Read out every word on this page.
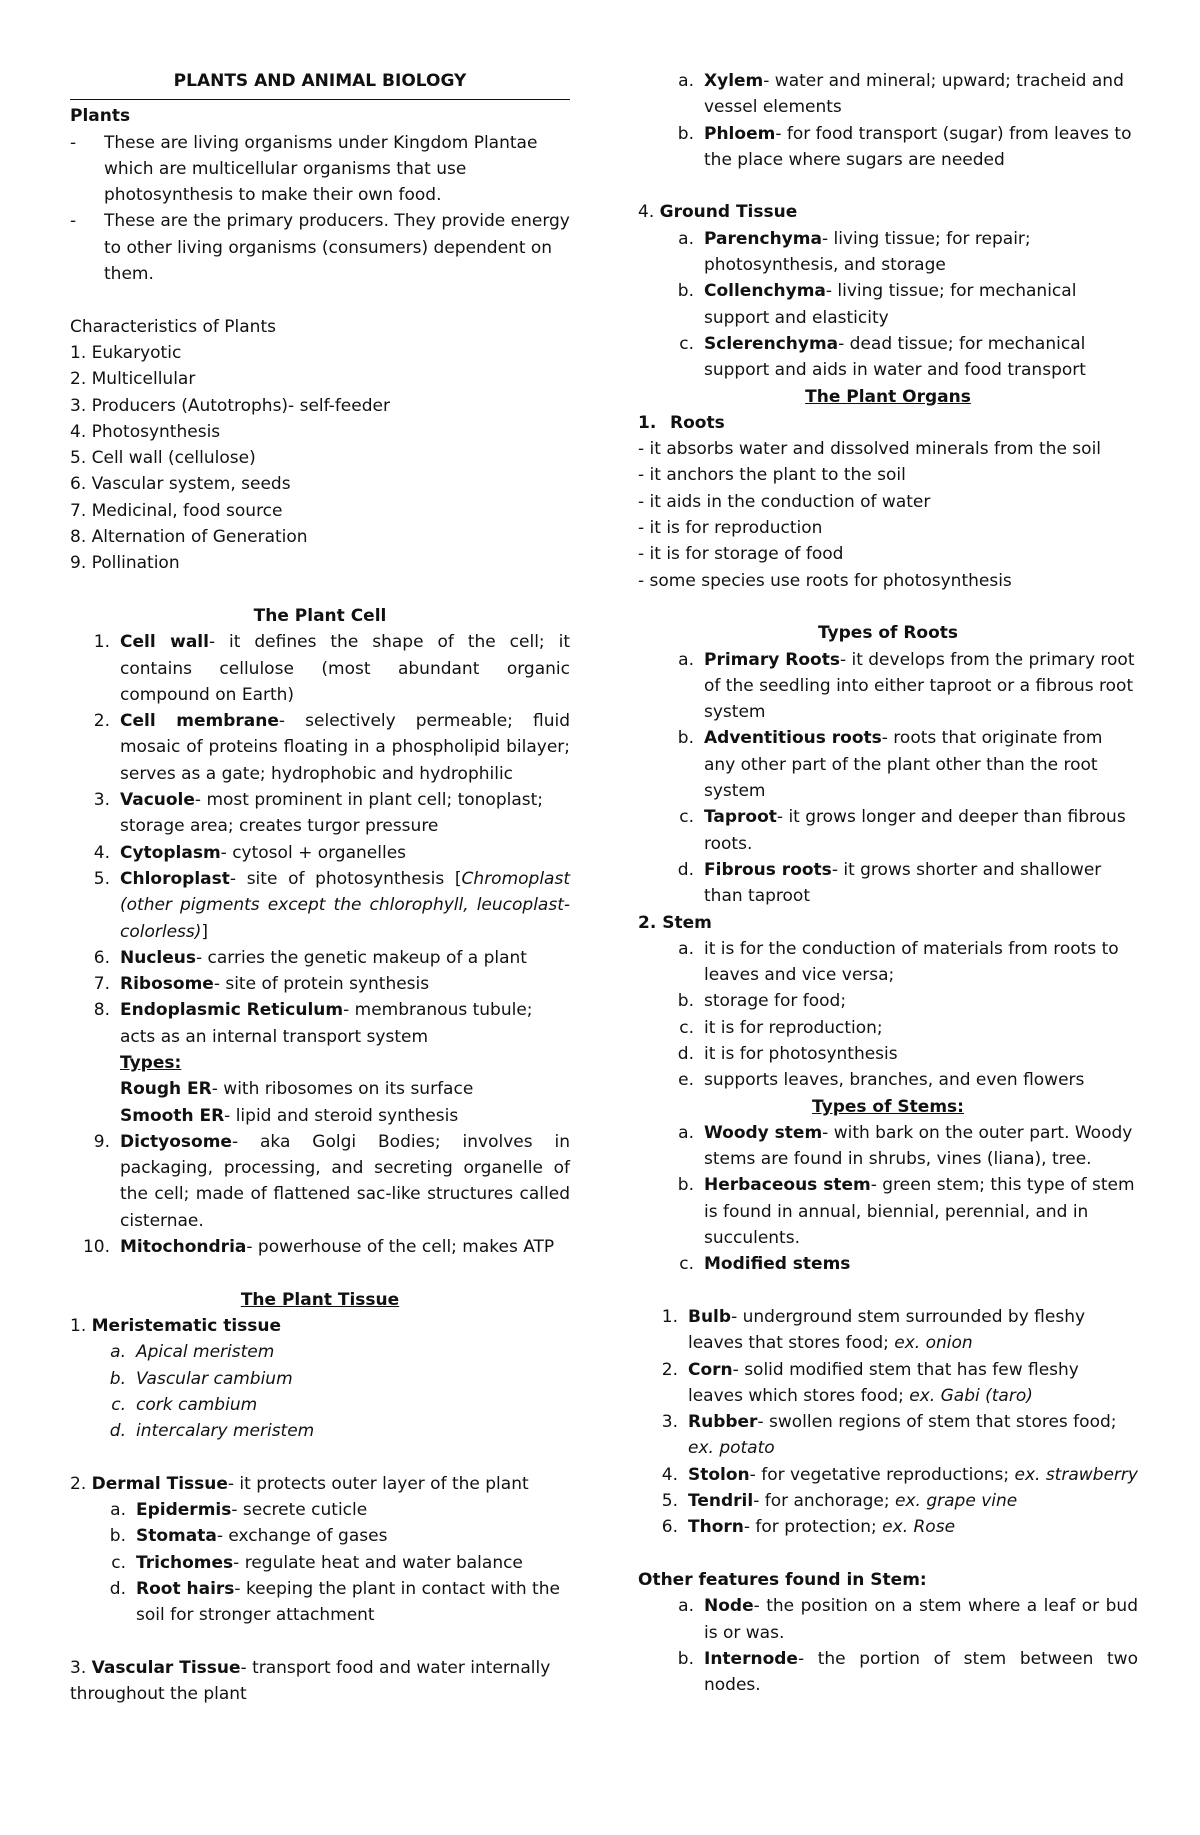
PLANTS AND ANIMAL BIOLOGY
Plants
-	These are living organisms under Kingdom Plantae which are multicellular organisms that use photosynthesis to make their own food.
-	These are the primary producers. They provide energy to other living organisms (consumers) dependent on them.
Characteristics of Plants
1. Eukaryotic
2. Multicellular
3. Producers (Autotrophs)- self-feeder
4. Photosynthesis
5. Cell wall (cellulose)
6. Vascular system, seeds
7. Medicinal, food source
8. Alternation of Generation
9. Pollination
The Plant Cell
1. Cell wall- it defines the shape of the cell; it contains cellulose (most abundant organic compound on Earth)
2. Cell membrane- selectively permeable; fluid mosaic of proteins floating in a phospholipid bilayer; serves as a gate; hydrophobic and hydrophilic
3. Vacuole- most prominent in plant cell; tonoplast; storage area; creates turgor pressure
4. Cytoplasm- cytosol + organelles
5. Chloroplast- site of photosynthesis [Chromoplast (other pigments except the chlorophyll, leucoplast- colorless)]
6. Nucleus- carries the genetic makeup of a plant
7. Ribosome- site of protein synthesis
8. Endoplasmic Reticulum- membranous tubule; acts as an internal transport system
Types:
Rough ER- with ribosomes on its surface
Smooth ER- lipid and steroid synthesis
9. Dictyosome- aka Golgi Bodies; involves in packaging, processing, and secreting organelle of the cell; made of flattened sac-like structures called cisternae.
10. Mitochondria- powerhouse of the cell; makes ATP
The Plant Tissue
1. Meristematic tissue
a. Apical meristem
b. Vascular cambium
c. cork cambium
d. intercalary meristem
2. Dermal Tissue- it protects outer layer of the plant
a. Epidermis- secrete cuticle
b. Stomata- exchange of gases
c. Trichomes- regulate heat and water balance
d. Root hairs- keeping the plant in contact with the soil for stronger attachment
3. Vascular Tissue- transport food and water internally throughout the plant
a. Xylem- water and mineral; upward; tracheid and vessel elements
b. Phloem- for food transport (sugar) from leaves to the place where sugars are needed
4. Ground Tissue
a. Parenchyma- living tissue; for repair; photosynthesis, and storage
b. Collenchyma- living tissue; for mechanical support and elasticity
c. Sclerenchyma- dead tissue; for mechanical support and aids in water and food transport
The Plant Organs
1. Roots
- it absorbs water and dissolved minerals from the soil
- it anchors the plant to the soil
- it aids in the conduction of water
- it is for reproduction
- it is for storage of food
- some species use roots for photosynthesis
Types of Roots
a. Primary Roots- it develops from the primary root of the seedling into either taproot or a fibrous root system
b. Adventitious roots- roots that originate from any other part of the plant other than the root system
c. Taproot- it grows longer and deeper than fibrous roots.
d. Fibrous roots- it grows shorter and shallower than taproot
2. Stem
a. it is for the conduction of materials from roots to leaves and vice versa;
b. storage for food;
c. it is for reproduction;
d. it is for photosynthesis
e. supports leaves, branches, and even flowers
Types of Stems:
a. Woody stem- with bark on the outer part. Woody stems are found in shrubs, vines (liana), tree.
b. Herbaceous stem- green stem; this type of stem is found in annual, biennial, perennial, and in succulents.
c. Modified stems
1. Bulb- underground stem surrounded by fleshy leaves that stores food; ex. onion
2. Corn- solid modified stem that has few fleshy leaves which stores food; ex. Gabi (taro)
3. Rubber- swollen regions of stem that stores food; ex. potato
4. Stolon- for vegetative reproductions; ex. strawberry
5. Tendril- for anchorage; ex. grape vine
6. Thorn- for protection; ex. Rose
Other features found in Stem:
a. Node- the position on a stem where a leaf or bud is or was.
b. Internode- the portion of stem between two nodes.
